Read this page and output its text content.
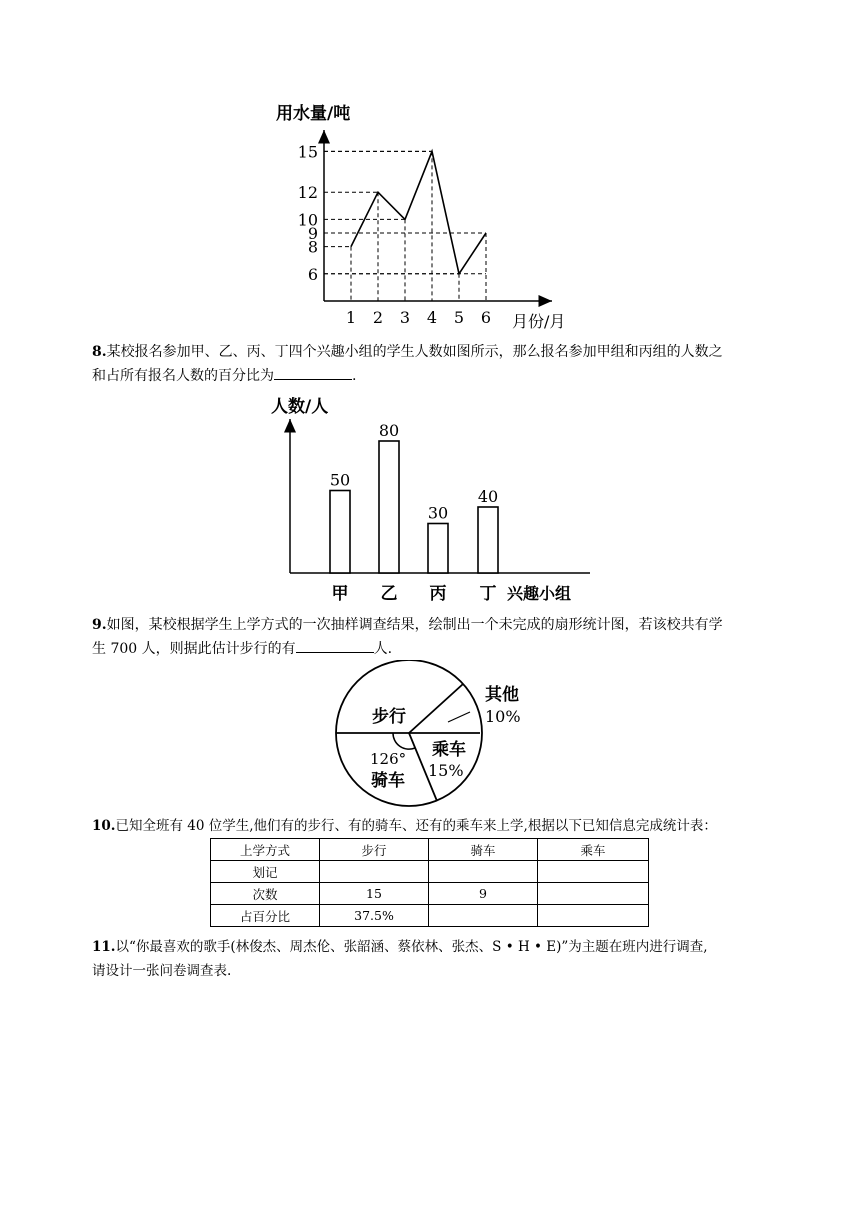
用水量/吨
月份/月
6
8
9
10
12
15
1 2 3 4 5 6
8.某校报名参加甲、乙、丙、丁四个兴趣小组的学生人数如图所示，那么报名参加甲组和丙组的人数之
和占所有报名人数的百分比为	.
人数/人
兴趣小组
50
甲
80
乙
30
丙
40
丁
9.如图，某校根据学生上学方式的一次抽样调查结果，绘制出一个未完成的扇形统计图，若该校共有学
生 700 人，则据此估计步行的有	人.
步行
其他
10%
乘车
15%
126°
骑车
10.已知全班有 40 位学生,他们有的步行、有的骑车、还有的乘车来上学,根据以下已知信息完成统计表：
上学方式	步行	骑车	乘车
划记			
次数	15	9	
占百分比	37.5%		
11.以“你最喜欢的歌手(林俊杰、周杰伦、张韶涵、蔡依林、张杰、S • H • E)”为主题在班内进行调查,
请设计一张问卷调查表.
